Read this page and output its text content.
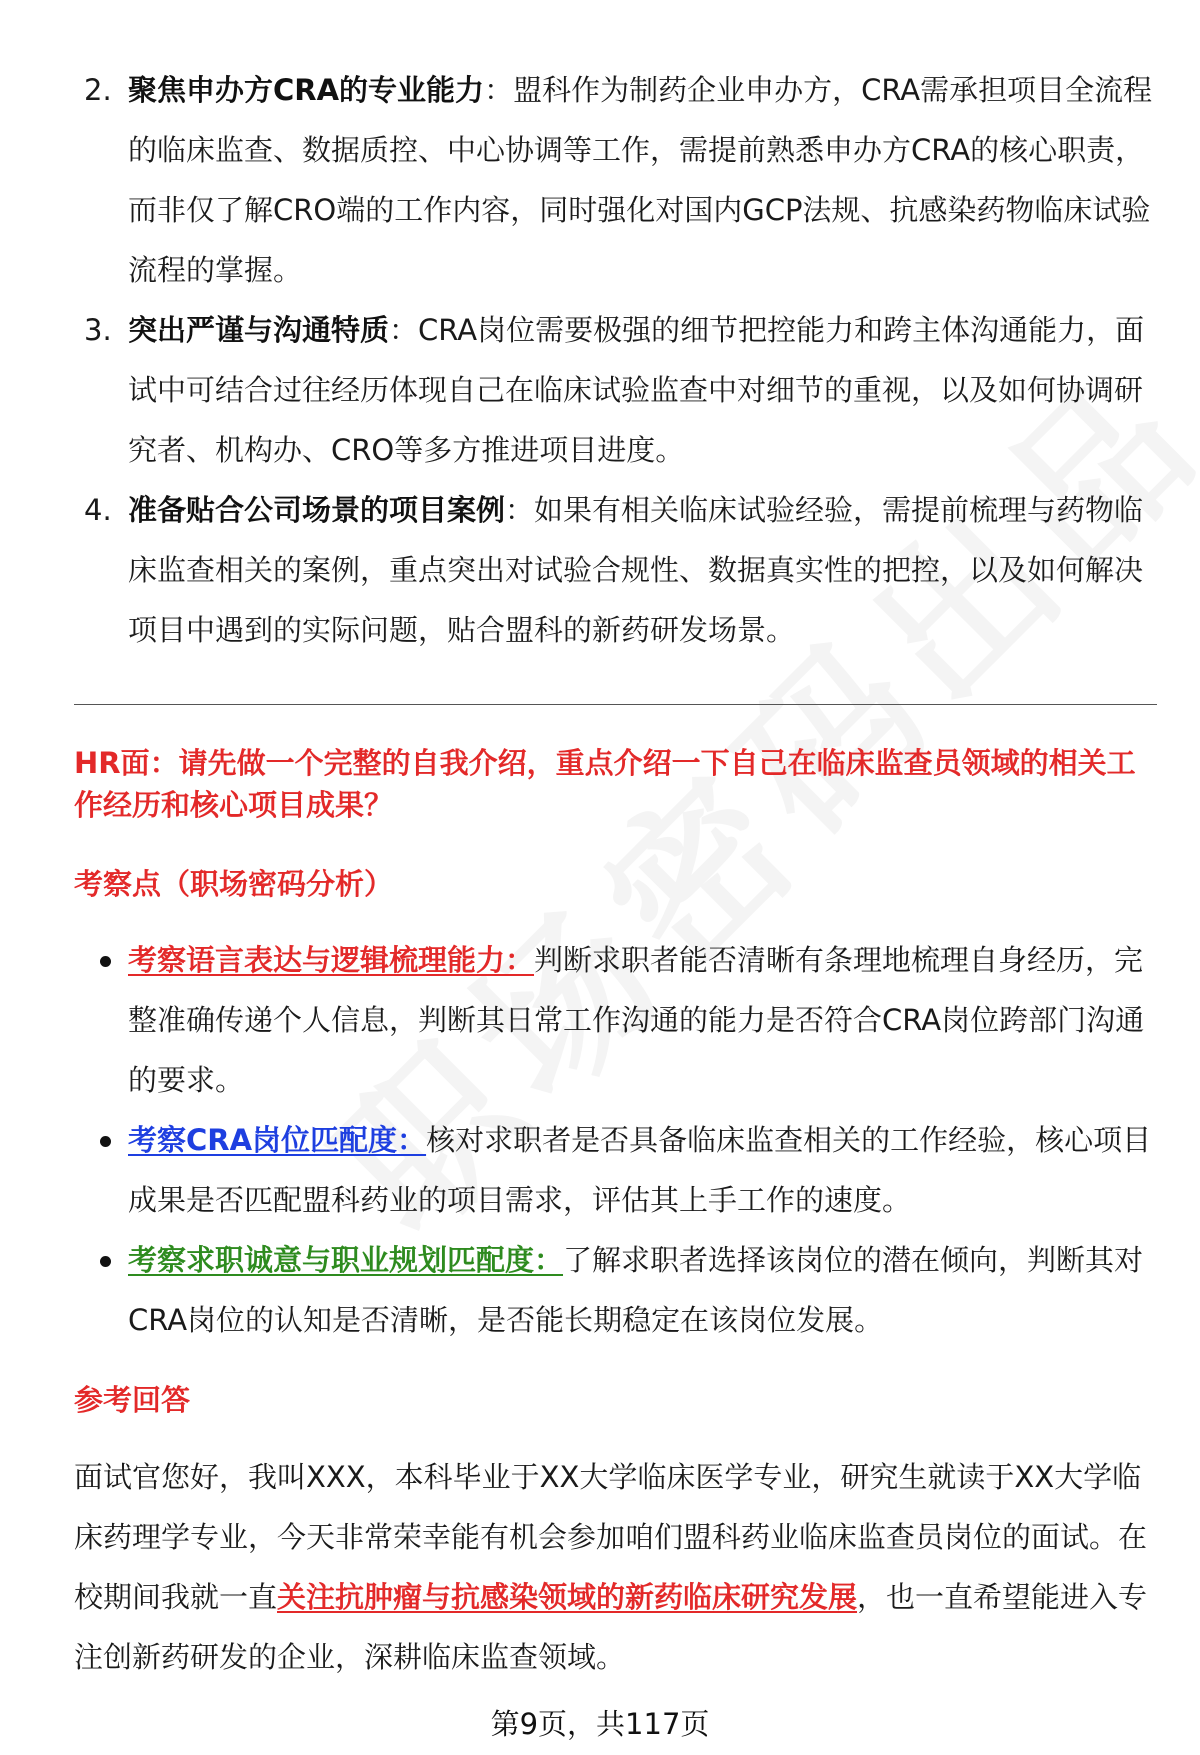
2. 聚焦申办方CRA的专业能力：盟科作为制药企业申办方，CRA需承担项目全流程的临床监查、数据质控、中心协调等工作，需提前熟悉申办方CRA的核心职责，而非仅了解CRO端的工作内容，同时强化对国内GCP法规、抗感染药物临床试验流程的掌握。
3. 突出严谨与沟通特质：CRA岗位需要极强的细节把控能力和跨主体沟通能力，面试中可结合过往经历体现自己在临床试验监查中对细节的重视，以及如何协调研究者、机构办、CRO等多方推进项目进度。
4. 准备贴合公司场景的项目案例：如果有相关临床试验经验，需提前梳理与药物临床监查相关的案例，重点突出对试验合规性、数据真实性的把控，以及如何解决项目中遇到的实际问题，贴合盟科的新药研发场景。
HR面：请先做一个完整的自我介绍，重点介绍一下自己在临床监查员领域的相关工作经历和核心项目成果？
考察点（职场密码分析）
考察语言表达与逻辑梳理能力：判断求职者能否清晰有条理地梳理自身经历，完整准确传递个人信息，判断其日常工作沟通的能力是否符合CRA岗位跨部门沟通的要求。
考察CRA岗位匹配度：核对求职者是否具备临床监查相关的工作经验，核心项目成果是否匹配盟科药业的项目需求，评估其上手工作的速度。
考察求职诚意与职业规划匹配度：了解求职者选择该岗位的潜在倾向，判断其对CRA岗位的认知是否清晰，是否能长期稳定在该岗位发展。
参考回答
面试官您好，我叫XXX，本科毕业于XX大学临床医学专业，研究生就读于XX大学临床药理学专业，今天非常荣幸能有机会参加咱们盟科药业临床监查员岗位的面试。在校期间我就一直关注抗肿瘤与抗感染领域的新药临床研究发展，也一直希望能进入专注创新药研发的企业，深耕临床监查领域。
第9页，共117页
